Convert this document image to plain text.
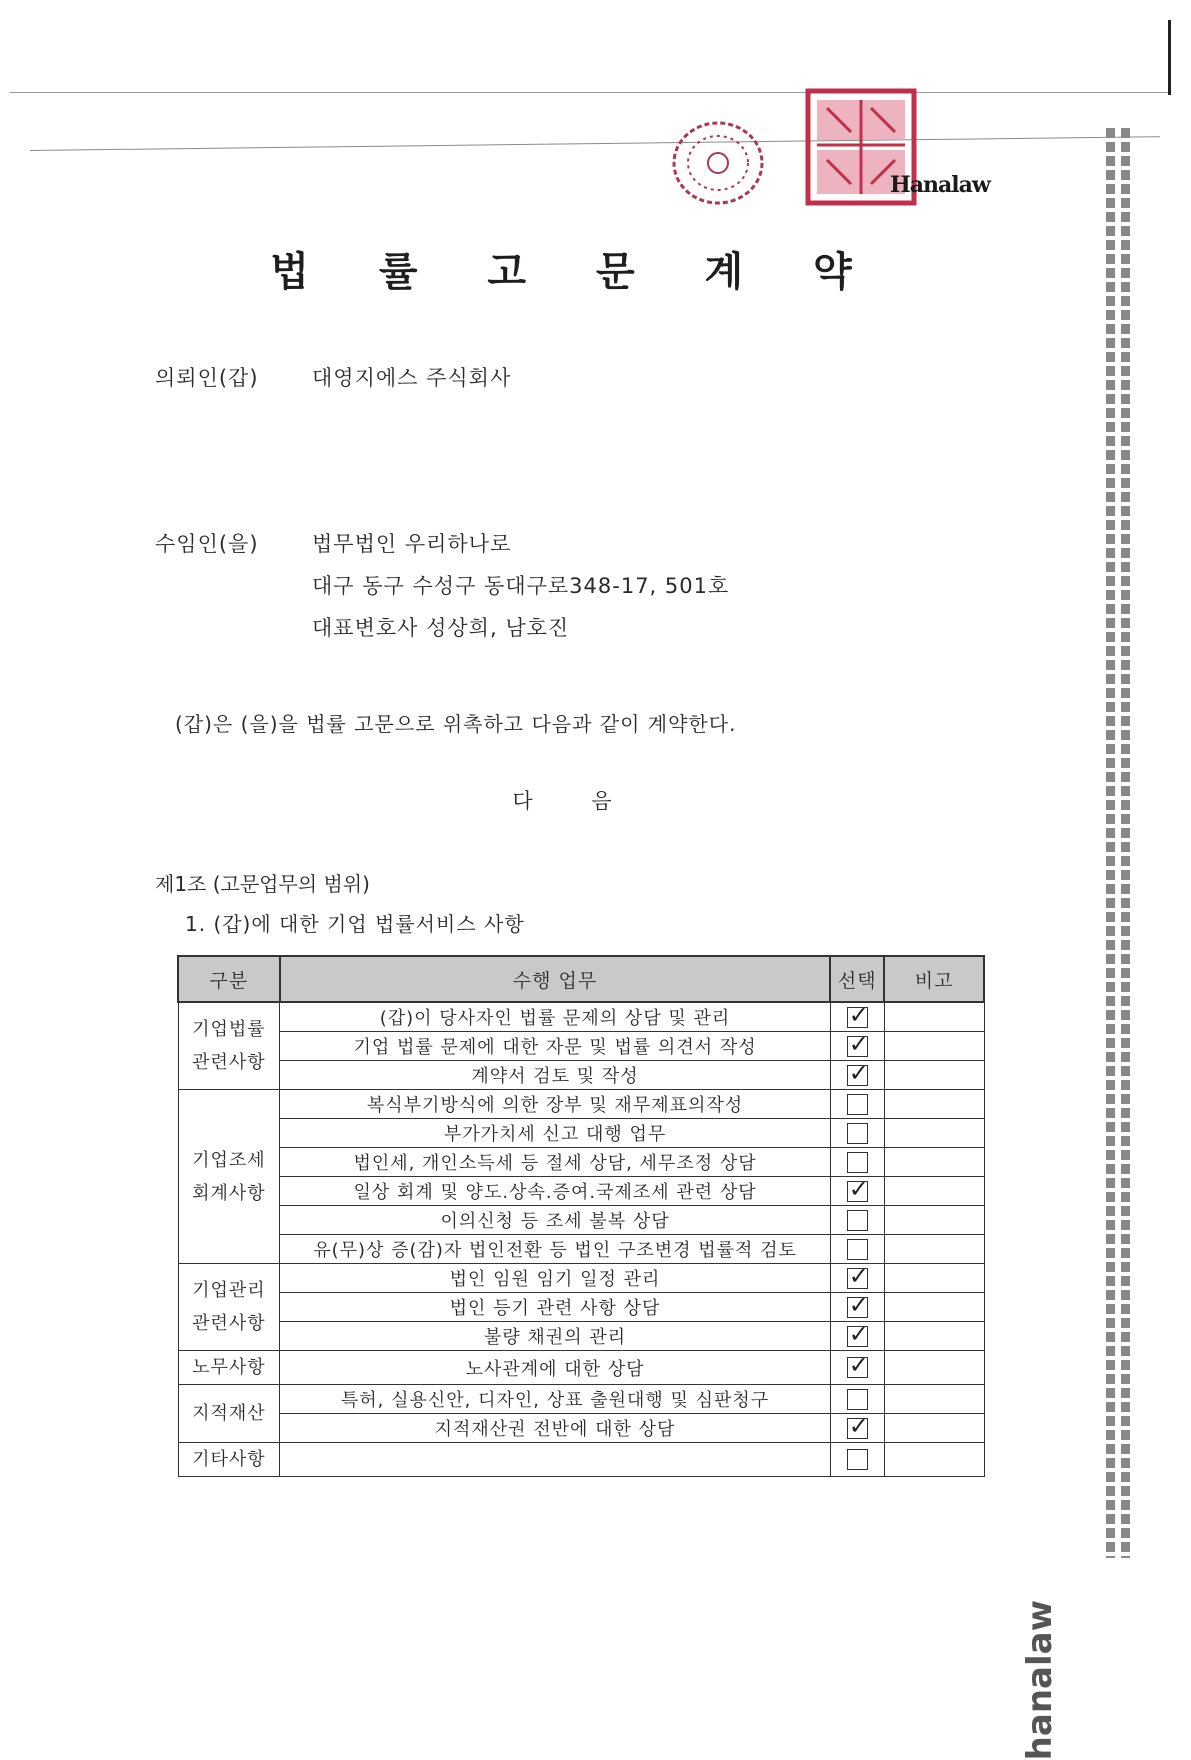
Hanalaw
hanalaw
법 률 고 문 계 약
의뢰인(갑)	대영지에스 주식회사
수임인(을)	법무법인 우리하나로
대구 동구 수성구 동대구로348-17, 501호
대표변호사 성상희, 남호진
(갑)은 (을)을 법률 고문으로 위촉하고 다음과 같이 계약한다.
다 음
제1조 (고문업무의 범위)
1. (갑)에 대한 기업 법률서비스 사항
구분	수행 업무	선택	비고

기업법률
관련사항	(갑)이 당사자인 법률 문제의 상담 및 관리	✓	
	기업 법률 문제에 대한 자문 및 법률 의견서 작성	✓	
	계약서 검토 및 작성	✓	

기업조세
회계사항	복식부기방식에 의한 장부 및 재무제표의작성		
	부가가치세 신고 대행 업무		
	법인세, 개인소득세 등 절세 상담, 세무조정 상담		
	일상 회계 및 양도.상속.증여.국제조세 관련 상담	✓	
	이의신청 등 조세 불복 상담		
	유(무)상 증(감)자 법인전환 등 법인 구조변경 법률적 검토		

기업관리
관련사항	법인 임원 임기 일정 관리	✓	
	법인 등기 관련 사항 상담	✓	
	불량 채권의 관리	✓	

노무사항	노사관계에 대한 상담	✓	

지적재산	특허, 실용신안, 디자인, 상표 출원대행 및 심판청구		
	지적재산권 전반에 대한 상담	✓	

기타사항			
